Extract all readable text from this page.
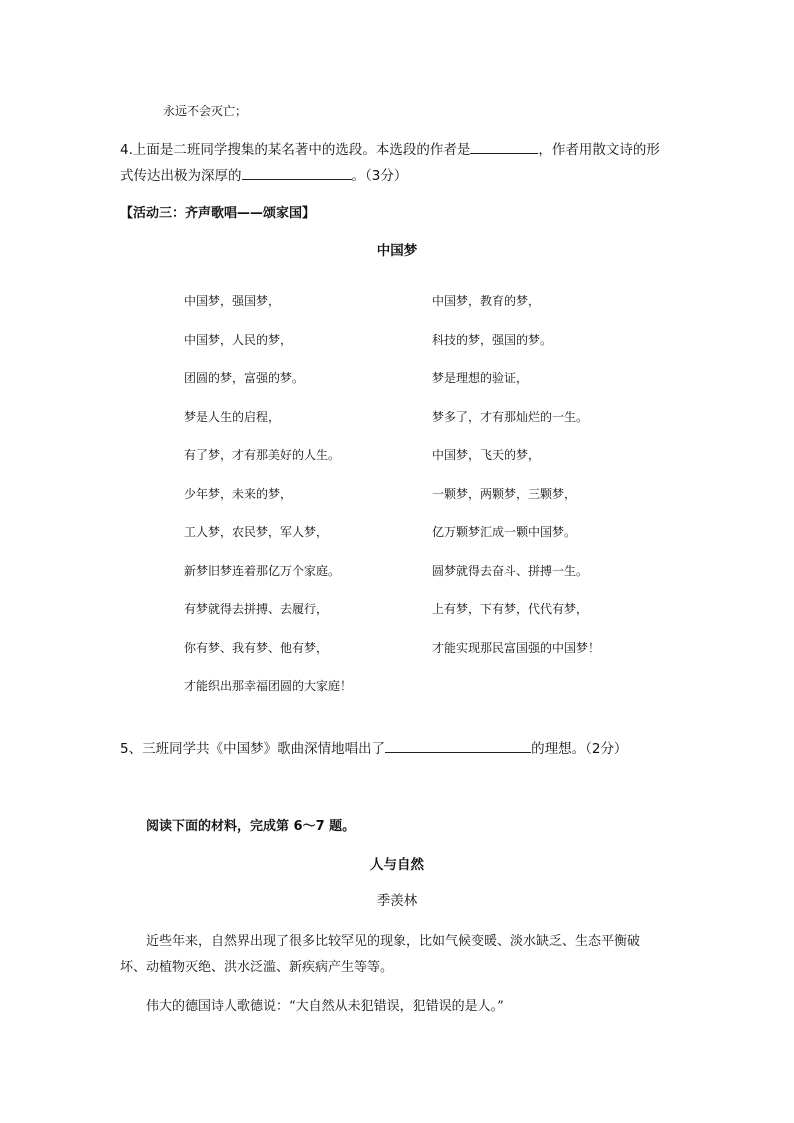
永远不会灭亡；
4.上面是二班同学搜集的某名著中的选段。本选段的作者是	，作者用散文诗的形
式传达出极为深厚的	。（3分）
【活动三：齐声歌唱——颂家国】
中国梦
中国梦，强国梦，
中国梦，人民的梦，
团圆的梦，富强的梦。
梦是人生的启程，
有了梦，才有那美好的人生。
少年梦，未来的梦，
工人梦，农民梦，军人梦，
新梦旧梦连着那亿万个家庭。
有梦就得去拼搏、去履行，
你有梦、我有梦、他有梦，
才能织出那幸福团圆的大家庭！
中国梦，教育的梦，
科技的梦，强国的梦。
梦是理想的验证，
梦多了，才有那灿烂的一生。
中国梦，飞天的梦，
一颗梦，两颗梦，三颗梦，
亿万颗梦汇成一颗中国梦。
圆梦就得去奋斗、拼搏一生。
上有梦，下有梦，代代有梦，
才能实现那民富国强的中国梦！
5、三班同学共《中国梦》歌曲深情地唱出了	的理想。（2分）
阅读下面的材料，完成第 6～7 题。
人与自然
季羡林
近些年来，自然界出现了很多比较罕见的现象，比如气候变暖、淡水缺乏、生态平衡破
坏、动植物灭绝、洪水泛滥、新疾病产生等等。
伟大的德国诗人歌德说：“大自然从未犯错误，犯错误的是人。”
